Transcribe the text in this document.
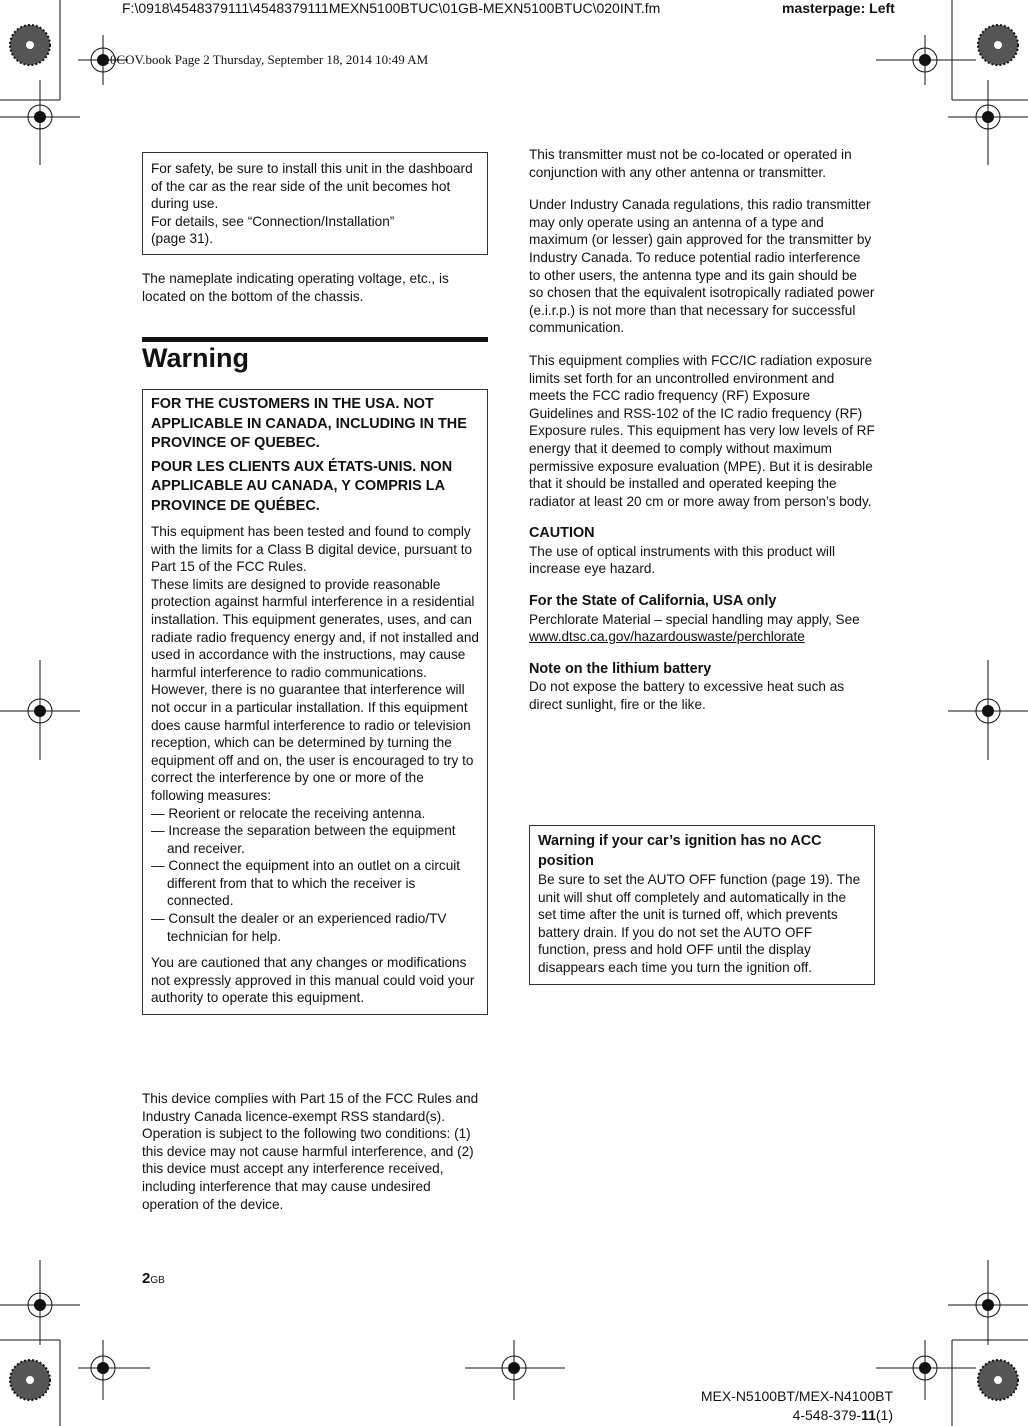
F:\0918\4548379111\4548379111MEXN5100BTUC\01GB-MEXN5100BTUC\020INT.fm	masterpage: Left
010COV.book Page 2 Thursday, September 18, 2014 10:49 AM

For safety, be sure to install this unit in the dashboard of the car as the rear side of the unit becomes hot during use.

For details, see “Connection/Installation”

(page 31).

The nameplate indicating operating voltage, etc., is located on the bottom of the chassis.

Warning

FOR THE CUSTOMERS IN THE USA. NOT APPLICABLE IN CANADA, INCLUDING IN THE PROVINCE OF QUEBEC.

POUR LES CLIENTS AUX ÉTATS-UNIS. NON APPLICABLE AU CANADA, Y COMPRIS LA PROVINCE DE QUÉBEC.

This equipment has been tested and found to comply with the limits for a Class B digital device, pursuant to Part 15 of the FCC Rules.

These limits are designed to provide reasonable protection against harmful interference in a residential installation. This equipment generates, uses, and can radiate radio frequency energy and, if not installed and used in accordance with the instructions, may cause harmful interference to radio communications. However, there is no guarantee that interference will not occur in a particular installation. If this equipment does cause harmful interference to radio or television reception, which can be determined by turning the equipment off and on, the user is encouraged to try to correct the interference by one or more of the following measures:

— Reorient or relocate the receiving antenna.
— Increase the separation between the equipment and receiver.
— Connect the equipment into an outlet on a circuit different from that to which the receiver is connected.
— Consult the dealer or an experienced radio/TV technician for help.

You are cautioned that any changes or modifications not expressly approved in this manual could void your authority to operate this equipment.

This device complies with Part 15 of the FCC Rules and Industry Canada licence-exempt RSS standard(s).

Operation is subject to the following two conditions: (1) this device may not cause harmful interference, and (2) this device must accept any interference received, including interference that may cause undesired operation of the device.

This transmitter must not be co-located or operated in conjunction with any other antenna or transmitter.

Under Industry Canada regulations, this radio transmitter may only operate using an antenna of a type and maximum (or lesser) gain approved for the transmitter by Industry Canada. To reduce potential radio interference to other users, the antenna type and its gain should be so chosen that the equivalent isotropically radiated power (e.i.r.p.) is not more than that necessary for successful communication.

This equipment complies with FCC/IC radiation exposure limits set forth for an uncontrolled environment and meets the FCC radio frequency (RF) Exposure Guidelines and RSS-102 of the IC radio frequency (RF) Exposure rules. This equipment has very low levels of RF energy that it deemed to comply without maximum permissive exposure evaluation (MPE). But it is desirable that it should be installed and operated keeping the radiator at least 20 cm or more away from person’s body.

CAUTION

The use of optical instruments with this product will increase eye hazard.

For the State of California, USA only

Perchlorate Material – special handling may apply, See

www.dtsc.ca.gov/hazardouswaste/perchlorate

Note on the lithium battery

Do not expose the battery to excessive heat such as direct sunlight, fire or the like.

Warning if your car’s ignition has no ACC position

Be sure to set the AUTO OFF function (page 19). The unit will shut off completely and automatically in the set time after the unit is turned off, which prevents battery drain. If you do not set the AUTO OFF function, press and hold OFF until the display disappears each time you turn the ignition off.

2GB
MEX-N5100BT/MEX-N4100BT
4-548-379-11(1)
